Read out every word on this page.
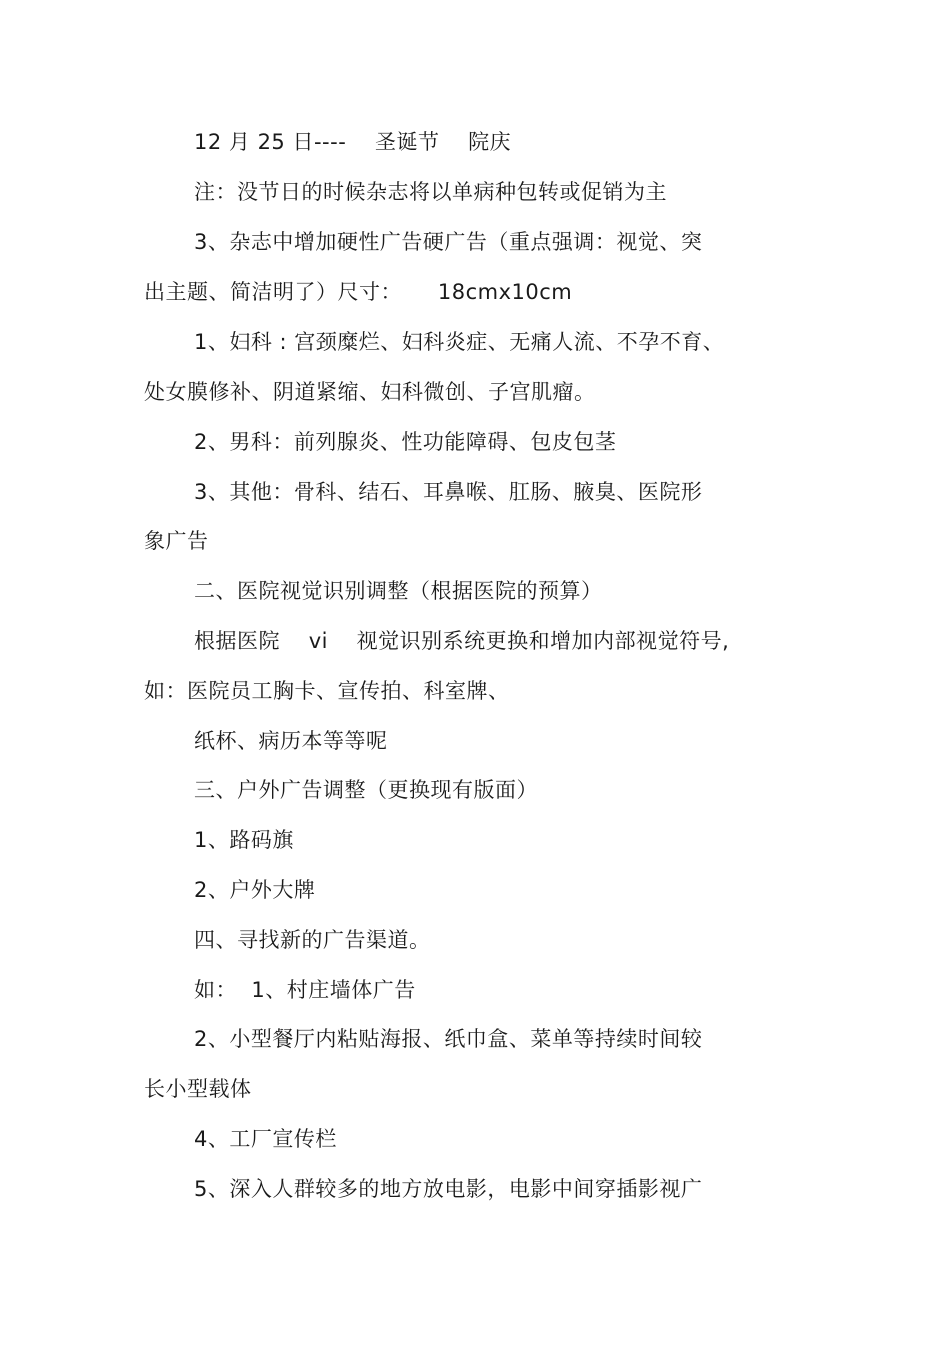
12 月 25 日----    圣诞节    院庆
注：没节日的时候杂志将以单病种包转或促销为主
3、杂志中增加硬性广告硬广告（重点强调：视觉、突
出主题、简洁明了）尺寸：     18cmx10cm
1、妇科 : 宫颈糜烂、妇科炎症、无痛人流、不孕不育、
处女膜修补、阴道紧缩、妇科微创、子宫肌瘤。
2、男科：前列腺炎、性功能障碍、包皮包茎
3、其他：骨科、结石、耳鼻喉、肛肠、腋臭、医院形
象广告
二、医院视觉识别调整（根据医院的预算）
根据医院    vi    视觉识别系统更换和增加内部视觉符号,
如：医院员工胸卡、宣传拍、科室牌、
纸杯、病历本等等呢
三、户外广告调整（更换现有版面）
1、路码旗
2、户外大牌
四、寻找新的广告渠道。
如：  1、村庄墙体广告
2、小型餐厅内粘贴海报、纸巾盒、菜单等持续时间较
长小型载体
4、工厂宣传栏
5、深入人群较多的地方放电影，电影中间穿插影视广
